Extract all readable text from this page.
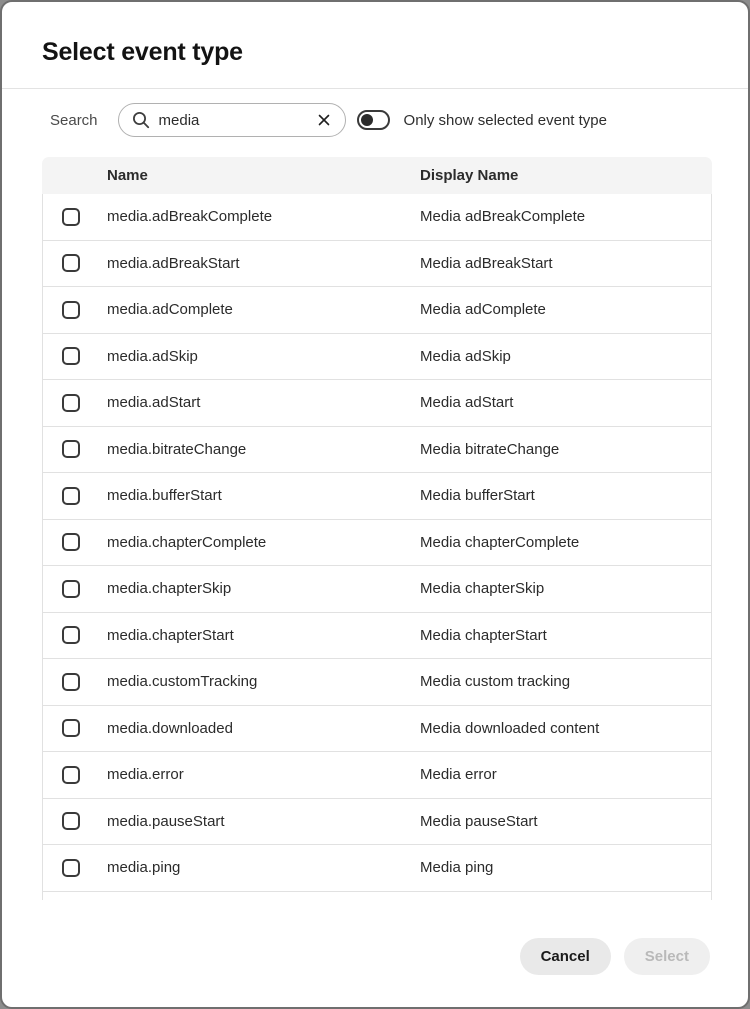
Select event type
Search
media	Only show selected event type
Name	Display Name
media.adBreakComplete	Media adBreakComplete
media.adBreakStart	Media adBreakStart
media.adComplete	Media adComplete
media.adSkip	Media adSkip
media.adStart	Media adStart
media.bitrateChange	Media bitrateChange
media.bufferStart	Media bufferStart
media.chapterComplete	Media chapterComplete
media.chapterSkip	Media chapterSkip
media.chapterStart	Media chapterStart
media.customTracking	Media custom tracking
media.downloaded	Media downloaded content
media.error	Media error
media.pauseStart	Media pauseStart
media.ping	Media ping
Cancel	Select
